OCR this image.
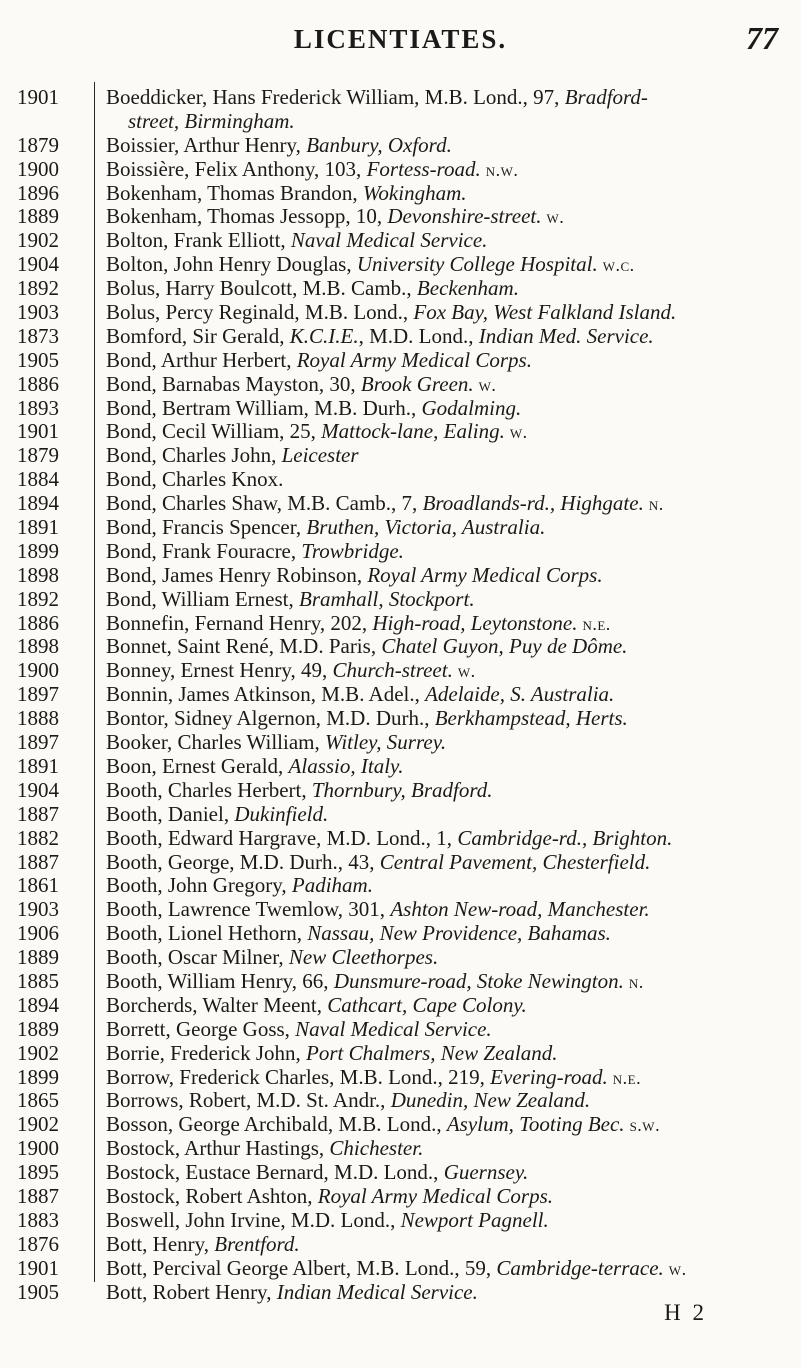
LICENTIATES.	77
1901	Boeddicker, Hans Frederick William, M.B. Lond., 97, Bradford-
street, Birmingham.
1879	Boissier, Arthur Henry, Banbury, Oxford.
1900	Boissière, Felix Anthony, 103, Fortess-road. n.w.
1896	Bokenham, Thomas Brandon, Wokingham.
1889	Bokenham, Thomas Jessopp, 10, Devonshire-street. w.
1902	Bolton, Frank Elliott, Naval Medical Service.
1904	Bolton, John Henry Douglas, University College Hospital. w.c.
1892	Bolus, Harry Boulcott, M.B. Camb., Beckenham.
1903	Bolus, Percy Reginald, M.B. Lond., Fox Bay, West Falkland Island.
1873	Bomford, Sir Gerald, K.C.I.E., M.D. Lond., Indian Med. Service.
1905	Bond, Arthur Herbert, Royal Army Medical Corps.
1886	Bond, Barnabas Mayston, 30, Brook Green. w.
1893	Bond, Bertram William, M.B. Durh., Godalming.
1901	Bond, Cecil William, 25, Mattock-lane, Ealing. w.
1879	Bond, Charles John, Leicester
1884	Bond, Charles Knox.
1894	Bond, Charles Shaw, M.B. Camb., 7, Broadlands-rd., Highgate. n.
1891	Bond, Francis Spencer, Bruthen, Victoria, Australia.
1899	Bond, Frank Fouracre, Trowbridge.
1898	Bond, James Henry Robinson, Royal Army Medical Corps.
1892	Bond, William Ernest, Bramhall, Stockport.
1886	Bonnefin, Fernand Henry, 202, High-road, Leytonstone. n.e.
1898	Bonnet, Saint René, M.D. Paris, Chatel Guyon, Puy de Dôme.
1900	Bonney, Ernest Henry, 49, Church-street. w.
1897	Bonnin, James Atkinson, M.B. Adel., Adelaide, S. Australia.
1888	Bontor, Sidney Algernon, M.D. Durh., Berkhampstead, Herts.
1897	Booker, Charles William, Witley, Surrey.
1891	Boon, Ernest Gerald, Alassio, Italy.
1904	Booth, Charles Herbert, Thornbury, Bradford.
1887	Booth, Daniel, Dukinfield.
1882	Booth, Edward Hargrave, M.D. Lond., 1, Cambridge-rd., Brighton.
1887	Booth, George, M.D. Durh., 43, Central Pavement, Chesterfield.
1861	Booth, John Gregory, Padiham.
1903	Booth, Lawrence Twemlow, 301, Ashton New-road, Manchester.
1906	Booth, Lionel Hethorn, Nassau, New Providence, Bahamas.
1889	Booth, Oscar Milner, New Cleethorpes.
1885	Booth, William Henry, 66, Dunsmure-road, Stoke Newington. n.
1894	Borcherds, Walter Meent, Cathcart, Cape Colony.
1889	Borrett, George Goss, Naval Medical Service.
1902	Borrie, Frederick John, Port Chalmers, New Zealand.
1899	Borrow, Frederick Charles, M.B. Lond., 219, Evering-road. n.e.
1865	Borrows, Robert, M.D. St. Andr., Dunedin, New Zealand.
1902	Bosson, George Archibald, M.B. Lond., Asylum, Tooting Bec. s.w.
1900	Bostock, Arthur Hastings, Chichester.
1895	Bostock, Eustace Bernard, M.D. Lond., Guernsey.
1887	Bostock, Robert Ashton, Royal Army Medical Corps.
1883	Boswell, John Irvine, M.D. Lond., Newport Pagnell.
1876	Bott, Henry, Brentford.
1901	Bott, Percival George Albert, M.B. Lond., 59, Cambridge-terrace. w.
1905	Bott, Robert Henry, Indian Medical Service.
H 2
